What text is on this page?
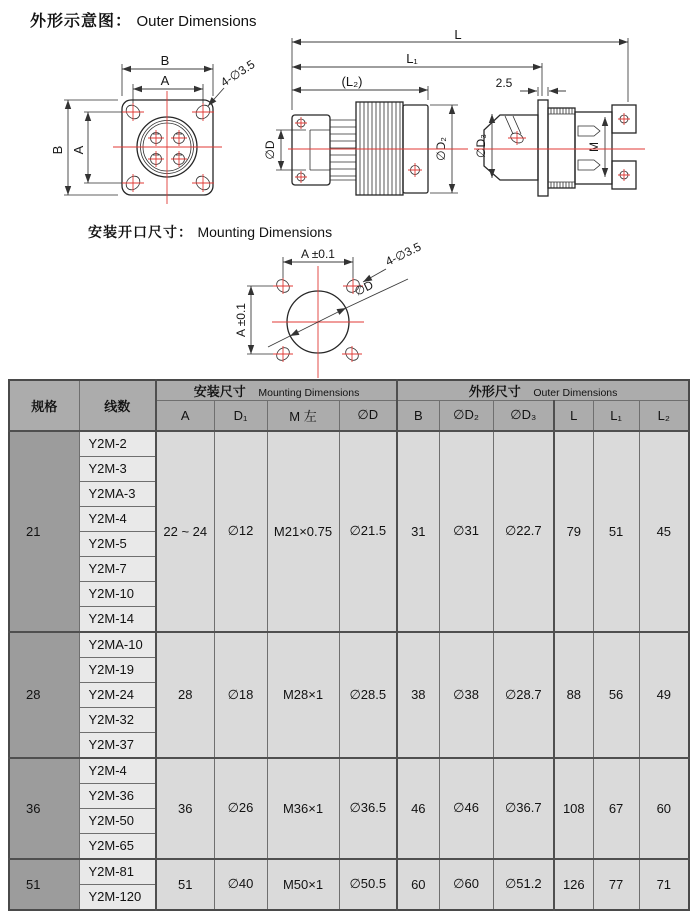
外形示意图： Outer Dimensions
B
A
B A
4-∅3.5
L
L₁
(L₂)	2.5
∅D	∅D₂ ∅D₃	M
安装开口尺寸： Mounting Dimensions
A ±0.1
A ±0.1
∅D
4-∅3.5
规格	线数	安装尺寸 Mounting Dimensions				外形尺寸 Outer Dimensions					
		A	D₁	M 左	∅D	B	∅D₂	∅D₃	L	L₁	L₂
21	Y2M-2	22 ~ 24	∅12	M21×0.75	∅21.5	31	∅31	∅22.7	79	51	45
	Y2M-3										
	Y2MA-3										
	Y2M-4										
	Y2M-5										
	Y2M-7										
	Y2M-10										
	Y2M-14										
28	Y2MA-10	28	∅18	M28×1	∅28.5	38	∅38	∅28.7	88	56	49
	Y2M-19										
	Y2M-24										
	Y2M-32										
	Y2M-37										
36	Y2M-4	36	∅26	M36×1	∅36.5	46	∅46	∅36.7	108	67	60
	Y2M-36										
	Y2M-50										
	Y2M-65										
51	Y2M-81	51	∅40	M50×1	∅50.5	60	∅60	∅51.2	126	77	71
	Y2M-120										
